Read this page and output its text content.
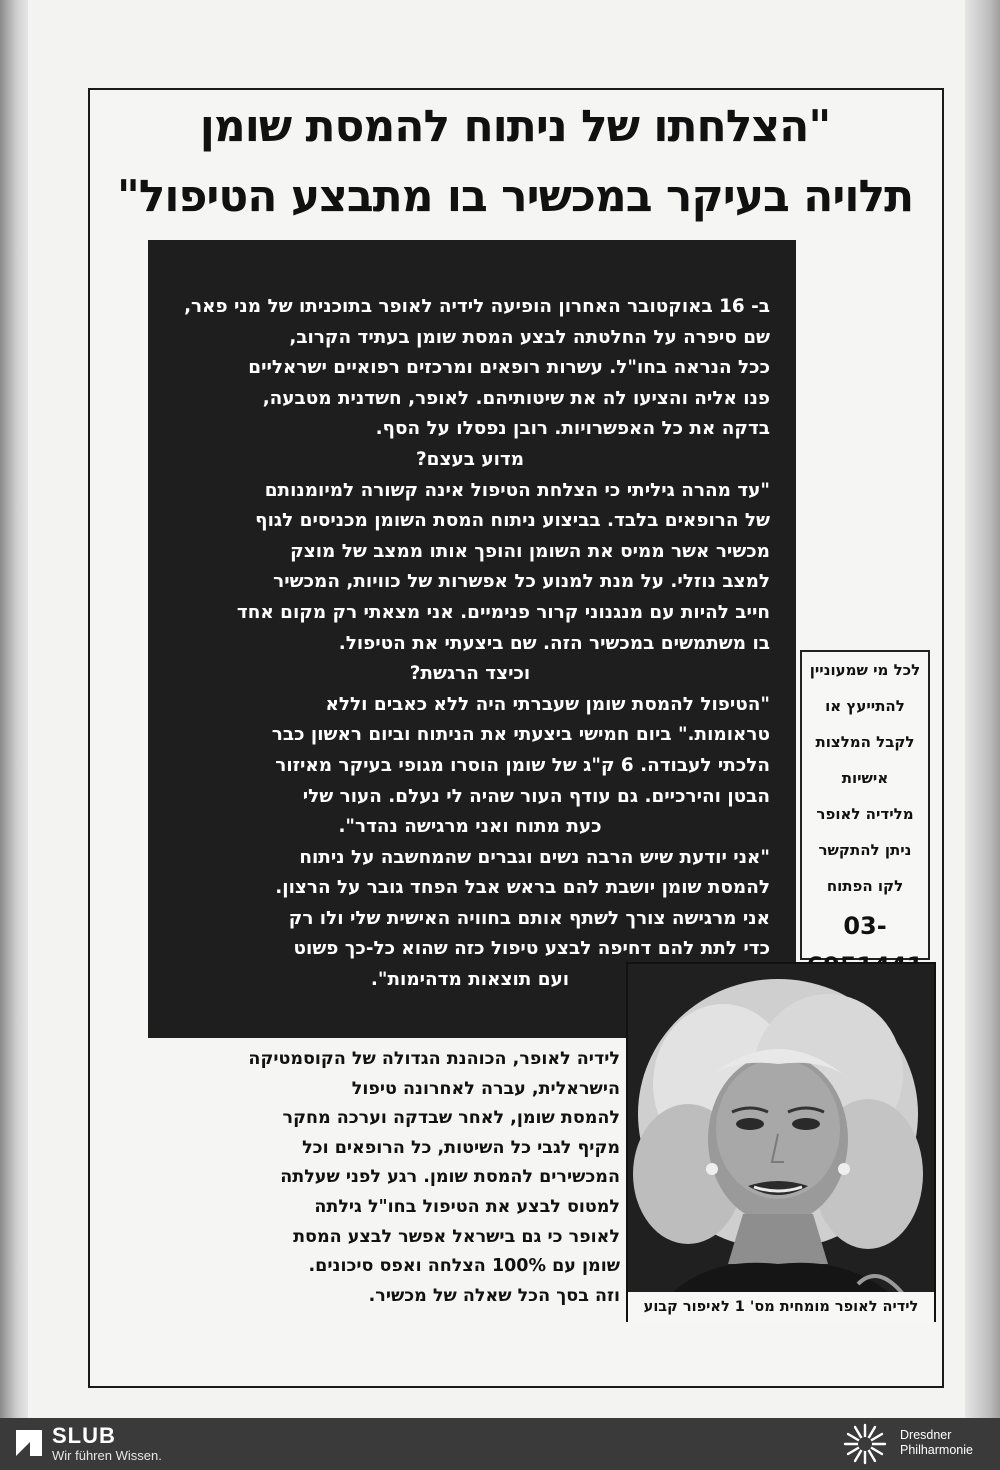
"הצלחתו של ניתוח להמסת שומן
תלויה בעיקר במכשיר בו מתבצע הטיפול"
ב- 16 באוקטובר האחרון הופיעה לידיה לאופר בתוכניתו של מני פאר,
שם סיפרה על החלטתה לבצע המסת שומן בעתיד הקרוב,
ככל הנראה בחו"ל. עשרות רופאים ומרכזים רפואיים ישראליים
פנו אליה והציעו לה את שיטותיהם. לאופר, חשדנית מטבעה,
בדקה את כל האפשרויות. רובן נפסלו על הסף.
מדוע בעצם?
"עד מהרה גיליתי כי הצלחת הטיפול אינה קשורה למיומנותם
של הרופאים בלבד. בביצוע ניתוח המסת השומן מכניסים לגוף
מכשיר אשר ממיס את השומן והופך אותו ממצב של מוצק
למצב נוזלי. על מנת למנוע כל אפשרות של כוויות, המכשיר
חייב להיות עם מנגנוני קרור פנימיים. אני מצאתי רק מקום אחד
בו משתמשים במכשיר הזה. שם ביצעתי את הטיפול.
וכיצד הרגשת?
"הטיפול להמסת שומן שעברתי היה ללא כאבים וללא
טראומות." ביום חמישי ביצעתי את הניתוח וביום ראשון כבר
הלכתי לעבודה. 6 ק"ג של שומן הוסרו מגופי בעיקר מאיזור
הבטן והירכיים. גם עודף העור שהיה לי נעלם. העור שלי
כעת מתוח ואני מרגישה נהדר".
"אני יודעת שיש הרבה נשים וגברים שהמחשבה על ניתוח
להמסת שומן יושבת להם בראש אבל הפחד גובר על הרצון.
אני מרגישה צורך לשתף אותם בחוויה האישית שלי ולו רק
כדי לתת להם דחיפה לבצע טיפול כזה שהוא כל-כך פשוט
ועם תוצאות מדהימות".
לכל מי שמעוניין
להתייעץ או
לקבל המלצות
אישיות
מלידיה לאופר
ניתן להתקשר
לקו הפתוח
03-
לידיה לאופר מומחית מס' 1 לאיפור קבוע
לידיה לאופר, הכוהנת הגדולה של הקוסמטיקה
הישראלית, עברה לאחרונה טיפול
להמסת שומן, לאחר שבדקה וערכה מחקר
מקיף לגבי כל השיטות, כל הרופאים וכל
המכשירים להמסת שומן. רגע לפני שעלתה
למטוס לבצע את הטיפול בחו"ל גילתה
לאופר כי גם בישראל אפשר לבצע המסת
שומן עם 100% הצלחה ואפס סיכונים.
וזה בסך הכל שאלה של מכשיר.
SLUB
Wir führen Wissen.
Dresdner
Philharmonie
